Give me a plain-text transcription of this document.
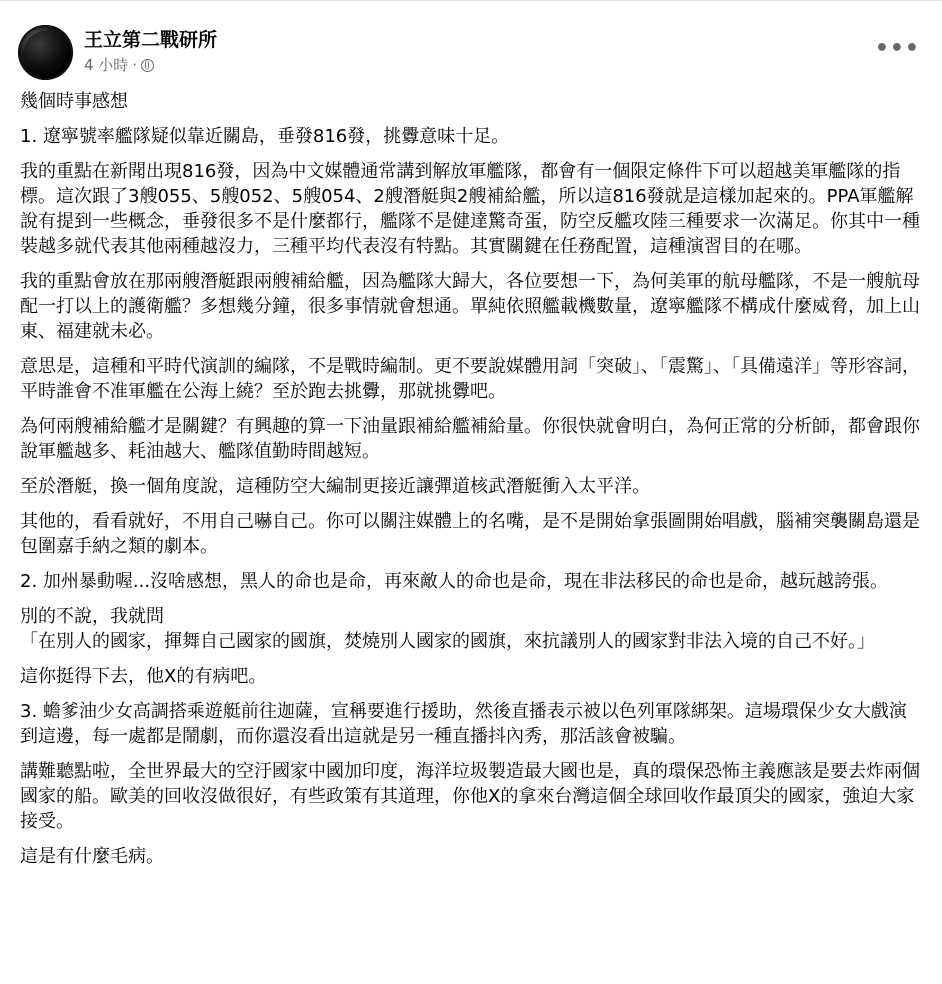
王立第二戰研所
4 小時 ·
•••

幾個時事感想

1. 遼寧號率艦隊疑似靠近關島，垂發816發，挑釁意味十足。

我的重點在新聞出現816發，因為中文媒體通常講到解放軍艦隊，都會有一個限定條件下可以超越美軍艦隊的指標。這次跟了3艘055、5艘052、5艘054、2艘潛艇與2艘補給艦，所以這816發就是這樣加起來的。PPA軍艦解說有提到一些概念，垂發很多不是什麼都行，艦隊不是健達驚奇蛋，防空反艦攻陸三種要求一次滿足。你其中一種裝越多就代表其他兩種越沒力，三種平均代表沒有特點。其實關鍵在任務配置，這種演習目的在哪。

我的重點會放在那兩艘潛艇跟兩艘補給艦，因為艦隊大歸大，各位要想一下，為何美軍的航母艦隊，不是一艘航母配一打以上的護衛艦？多想幾分鐘，很多事情就會想通。單純依照艦載機數量，遼寧艦隊不構成什麼威脅，加上山東、福建就未必。

意思是，這種和平時代演訓的編隊，不是戰時編制。更不要說媒體用詞「突破」、「震驚」、「具備遠洋」等形容詞，平時誰會不准軍艦在公海上繞？至於跑去挑釁，那就挑釁吧。

為何兩艘補給艦才是關鍵？有興趣的算一下油量跟補給艦補給量。你很快就會明白，為何正常的分析師，都會跟你說軍艦越多、耗油越大、艦隊值勤時間越短。

至於潛艇，換一個角度說，這種防空大編制更接近讓彈道核武潛艇衝入太平洋。

其他的，看看就好，不用自己嚇自己。你可以關注媒體上的名嘴，是不是開始拿張圖開始唱戲，腦補突襲關島還是包圍嘉手納之類的劇本。

2. 加州暴動喔...沒啥感想，黑人的命也是命，再來敵人的命也是命，現在非法移民的命也是命，越玩越誇張。

別的不說，我就問
「在別人的國家，揮舞自己國家的國旗，焚燒別人國家的國旗，來抗議別人的國家對非法入境的自己不好。」

這你挺得下去，他X的有病吧。

3. 蟾爹油少女高調搭乘遊艇前往迦薩，宣稱要進行援助，然後直播表示被以色列軍隊綁架。這場環保少女大戲演到這邊，每一處都是鬧劇，而你還沒看出這就是另一種直播抖內秀，那活該會被騙。

講難聽點啦，全世界最大的空汙國家中國加印度，海洋垃圾製造最大國也是，真的環保恐怖主義應該是要去炸兩個國家的船。歐美的回收沒做很好，有些政策有其道理，你他X的拿來台灣這個全球回收作最頂尖的國家，強迫大家接受。

這是有什麼毛病。
